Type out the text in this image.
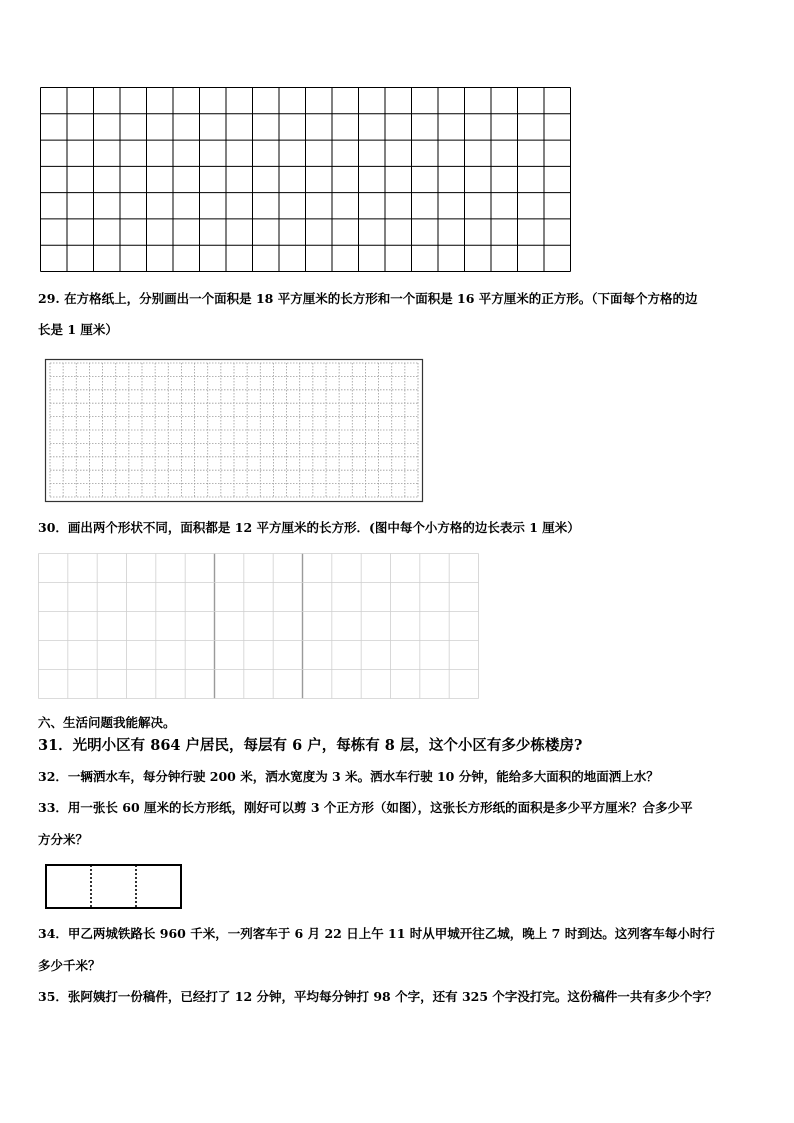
29. 在方格纸上，分别画出一个面积是 18 平方厘米的长方形和一个面积是 16 平方厘米的正方形。（下面每个方格的边
长是 1 厘米）
30．画出两个形状不同，面积都是 12 平方厘米的长方形．(图中每个小方格的边长表示 1 厘米）
六、生活问题我能解决。
31．光明小区有 864 户居民，每层有 6 户，每栋有 8 层，这个小区有多少栋楼房?
32．一辆洒水车，每分钟行驶 200 米，洒水宽度为 3 米。洒水车行驶 10 分钟，能给多大面积的地面洒上水？
33．用一张长 60 厘米的长方形纸，刚好可以剪 3 个正方形（如图），这张长方形纸的面积是多少平方厘米？合多少平
方分米？
34．甲乙两城铁路长 960 千米，一列客车于 6 月 22 日上午 11 时从甲城开往乙城，晚上 7 时到达。这列客车每小时行
多少千米？
35．张阿姨打一份稿件，已经打了 12 分钟，平均每分钟打 98 个字，还有 325 个字没打完。这份稿件一共有多少个字？
